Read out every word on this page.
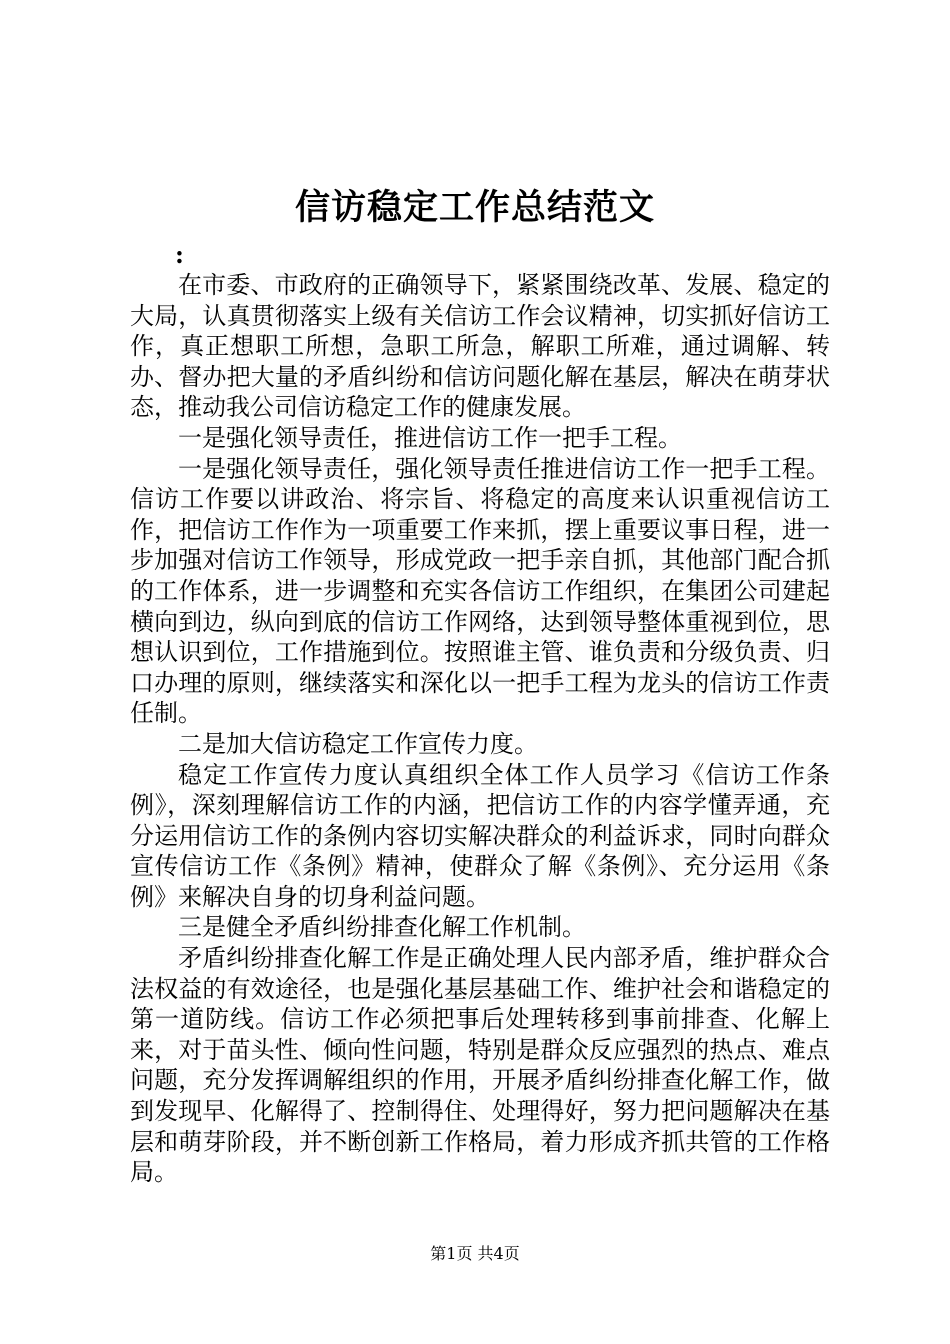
信访稳定工作总结范文
:

在市委、市政府的正确领导下，紧紧围绕改革、发展、稳定的大局，认真贯彻落实上级有关信访工作会议精神，切实抓好信访工作，真正想职工所想，急职工所急，解职工所难，通过调解、转办、督办把大量的矛盾纠纷和信访问题化解在基层，解决在萌芽状态，推动我公司信访稳定工作的健康发展。

一是强化领导责任，推进信访工作一把手工程。

一是强化领导责任，强化领导责任推进信访工作一把手工程。信访工作要以讲政治、将宗旨、将稳定的高度来认识重视信访工作，把信访工作作为一项重要工作来抓，摆上重要议事日程，进一步加强对信访工作领导，形成党政一把手亲自抓，其他部门配合抓的工作体系，进一步调整和充实各信访工作组织，在集团公司建起横向到边，纵向到底的信访工作网络，达到领导整体重视到位，思想认识到位，工作措施到位。按照谁主管、谁负责和分级负责、归口办理的原则，继续落实和深化以一把手工程为龙头的信访工作责任制。

二是加大信访稳定工作宣传力度。

稳定工作宣传力度认真组织全体工作人员学习《信访工作条例》，深刻理解信访工作的内涵，把信访工作的内容学懂弄通，充分运用信访工作的条例内容切实解决群众的利益诉求，同时向群众宣传信访工作《条例》精神，使群众了解《条例》、充分运用《条例》来解决自身的切身利益问题。

三是健全矛盾纠纷排查化解工作机制。

矛盾纠纷排查化解工作是正确处理人民内部矛盾，维护群众合法权益的有效途径，也是强化基层基础工作、维护社会和谐稳定的第一道防线。信访工作必须把事后处理转移到事前排查、化解上来，对于苗头性、倾向性问题，特别是群众反应强烈的热点、难点问题，充分发挥调解组织的作用，开展矛盾纠纷排查化解工作，做到发现早、化解得了、控制得住、处理得好，努力把问题解决在基层和萌芽阶段，并不断创新工作格局，着力形成齐抓共管的工作格局。

第1页 共4页
